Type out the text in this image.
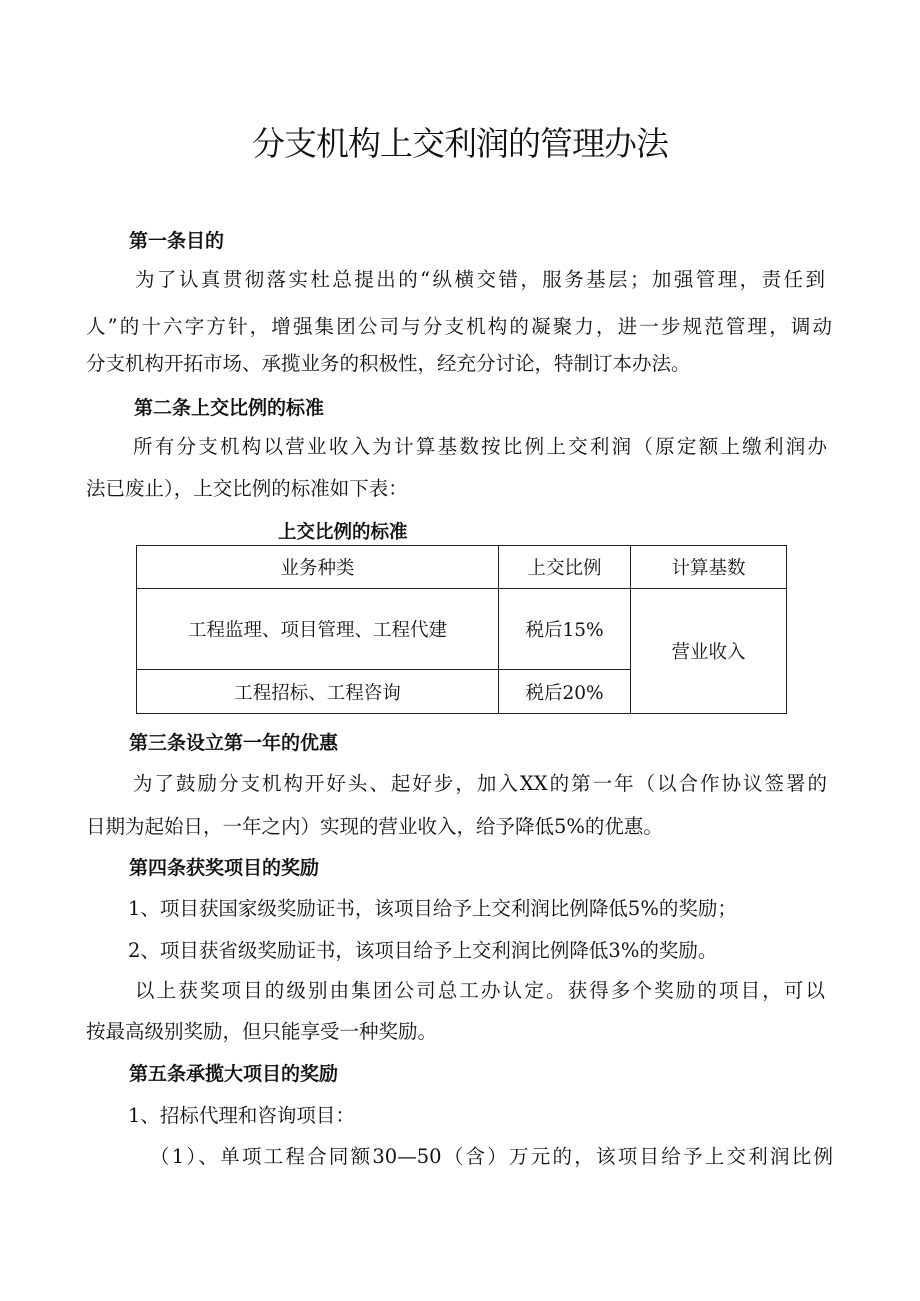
分支机构上交利润的管理办法
第一条目的
为了认真贯彻落实杜总提出的“纵横交错，服务基层；加强管理，责任到
人”的十六字方针，增强集团公司与分支机构的凝聚力，进一步规范管理，调动
分支机构开拓市场、承揽业务的积极性，经充分讨论，特制订本办法。
第二条上交比例的标准
所有分支机构以营业收入为计算基数按比例上交利润（原定额上缴利润办
法已废止），上交比例的标准如下表：
上交比例的标准
业务种类	上交比例	计算基数
工程监理、项目管理、工程代建	税后15%	营业收入
工程招标、工程咨询	税后20%	
第三条设立第一年的优惠
为了鼓励分支机构开好头、起好步，加入XX的第一年（以合作协议签署的
日期为起始日，一年之内）实现的营业收入，给予降低5%的优惠。
第四条获奖项目的奖励
1、项目获国家级奖励证书，该项目给予上交利润比例降低5%的奖励；
2、项目获省级奖励证书，该项目给予上交利润比例降低3%的奖励。
以上获奖项目的级别由集团公司总工办认定。获得多个奖励的项目，可以
按最高级别奖励，但只能享受一种奖励。
第五条承揽大项目的奖励
1、招标代理和咨询项目：
（1）、单项工程合同额30—50（含）万元的，该项目给予上交利润比例
